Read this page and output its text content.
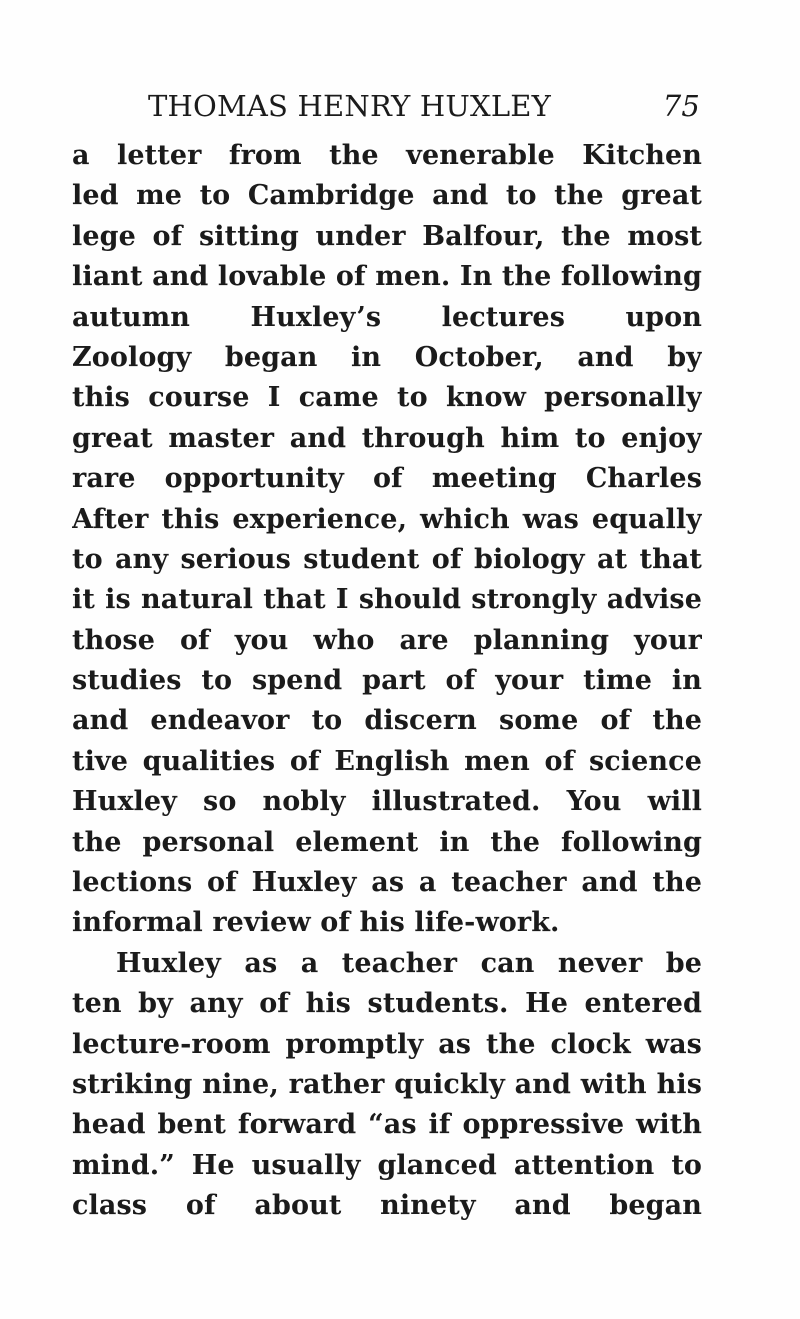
THOMAS HENRY HUXLEY	75
a letter from the venerable Kitchen
led me to Cambridge and to the great
lege of sitting under Balfour, the most
liant and lovable of men. In the following
autumn Huxley’s lectures upon
Zoology began in October, and by
this course I came to know personally
great master and through him to enjoy
rare opportunity of meeting Charles
After this experience, which was equally
to any serious student of biology at that
it is natural that I should strongly advise
those of you who are planning your
studies to spend part of your time in
and endeavor to discern some of the
tive qualities of English men of science
Huxley so nobly illustrated. You will
the personal element in the following
lections of Huxley as a teacher and the
informal review of his life-work.
Huxley as a teacher can never be
ten by any of his students. He entered
lecture-room promptly as the clock was
striking nine, rather quickly and with his
head bent forward “as if oppressive with
mind.” He usually glanced attention to
class of about ninety and began
